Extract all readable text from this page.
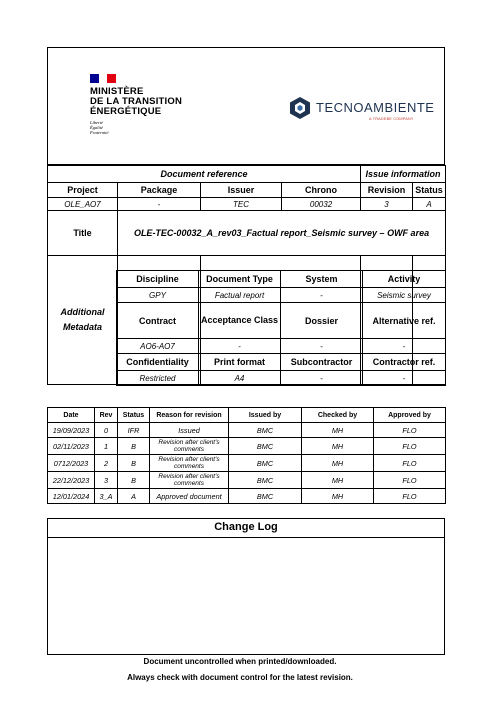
MINISTÈRE
DE LA TRANSITION
ÉNERGÉTIQUE
Liberté
Égalité
Fraternité
TECNOAMBIENTE
A TRADEBE COMPANY
Document reference				Issue information	
Project	Package	Issuer	Chrono	Revision	Status
OLE_AO7	-	TEC	00032	3	A
Title	OLE-TEC-00032_A_rev03_Factual report_Seismic survey – OWF area				
Additional Metadata					
Discipline	Document Type	System	Activity
GPY	Factual report	-	Seismic survey
Contract	Acceptance Class	Dossier	Alternative ref.
AO6-AO7	-	-	-
Confidentiality	Print format	Subcontractor	Contractor ref.
Restricted	A4	-	-
Date	Rev	Status	Reason for revision	Issued by	Checked by	Approved by
19/09/2023	0	IFR	Issued	BMC	MH	FLO
02/11/2023	1	B	Revision after client's comments	BMC	MH	FLO
0712/2023	2	B	Revision after client's comments	BMC	MH	FLO
22/12/2023	3	B	Revision after client's comments	BMC	MH	FLO
12/01/2024	3_A	A	Approved document	BMC	MH	FLO
Change Log
Document uncontrolled when printed/downloaded.
Always check with document control for the latest revision.
